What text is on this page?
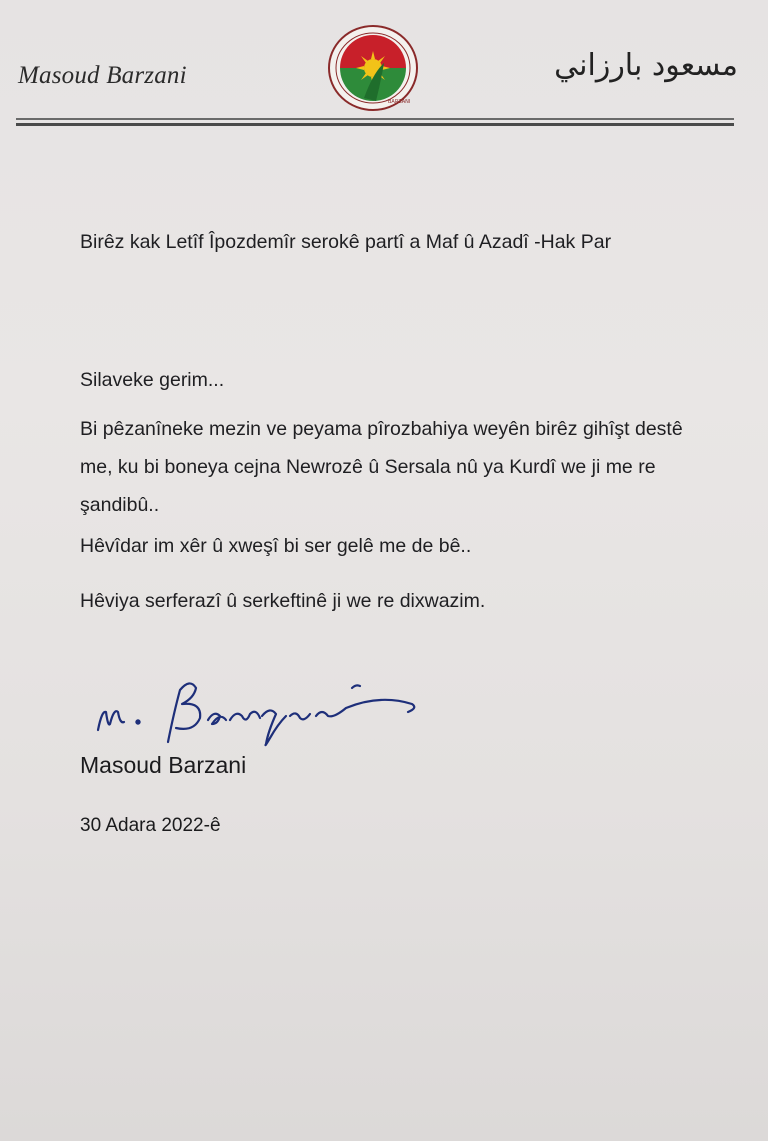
Masoud Barzani
BARZANI
مسعود بارزاني
Birêz kak Letîf Îpozdemîr serokê partî a Maf û Azadî -Hak Par
Silaveke gerim...
Bi pêzanîneke mezin ve peyama pîrozbahiya weyên birêz gihîşt destê me, ku bi boneya cejna Newrozê û Sersala nû ya Kurdî we ji me re şandibû..
Hêvîdar im xêr û xweşî bi ser gelê me de bê..
Hêviya serferazî û serkeftinê ji we re dixwazim.
Masoud Barzani
30 Adara 2022-ê
